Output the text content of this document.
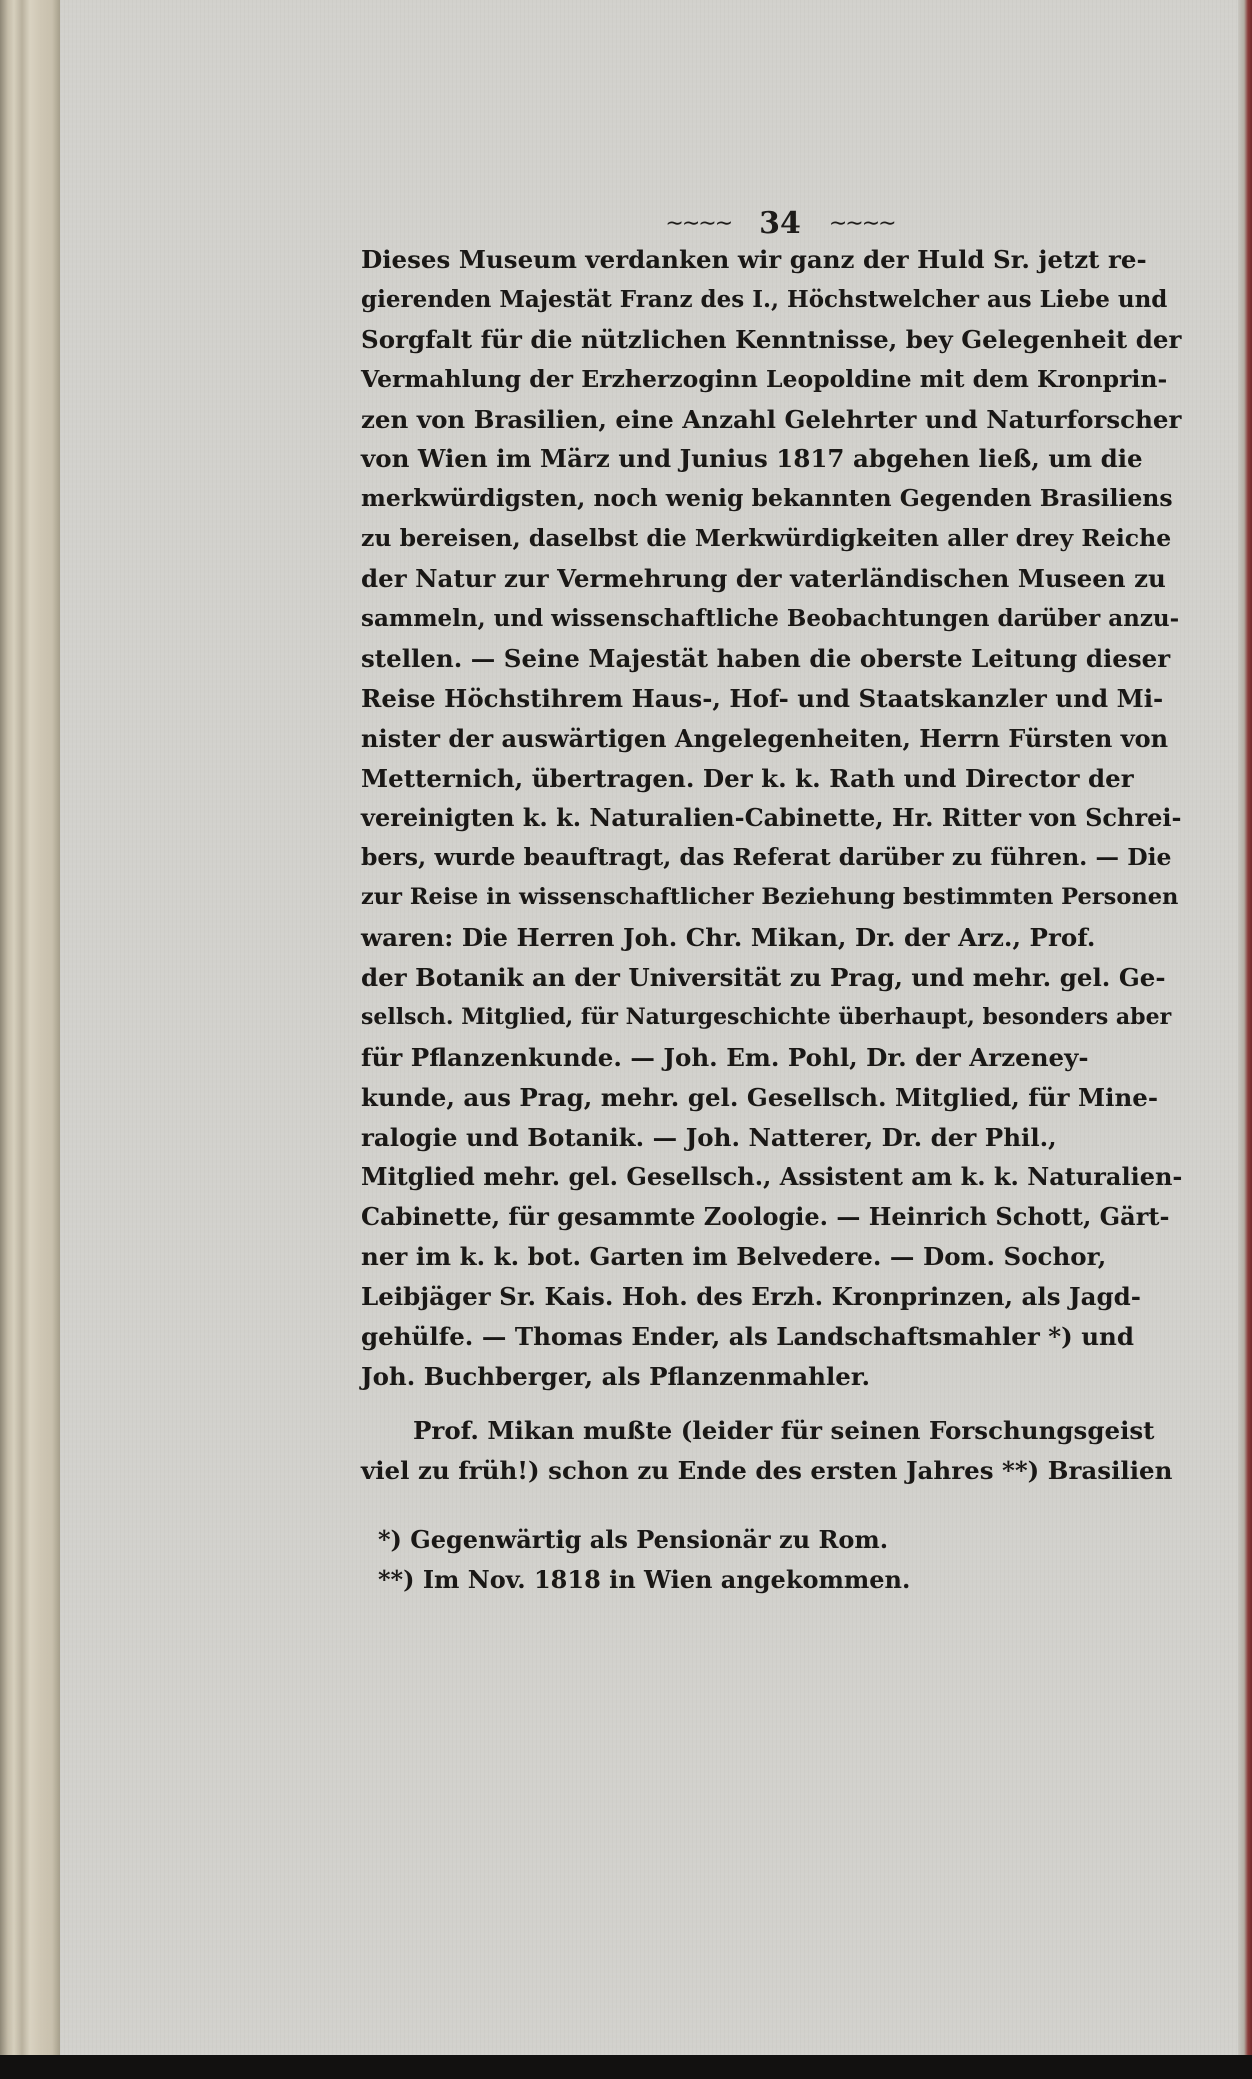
∼∼∼∼ 34 ∼∼∼∼
Dieses Museum verdanken wir ganz der Huld Sr. jetzt re-
gierenden Majestät Franz des I., Höchstwelcher aus Liebe und
Sorgfalt für die nützlichen Kenntnisse, bey Gelegenheit der
Vermahlung der Erzherzoginn Leopoldine mit dem Kronprin-
zen von Brasilien, eine Anzahl Gelehrter und Naturforscher
von Wien im März und Junius 1817 abgehen ließ, um die
merkwürdigsten, noch wenig bekannten Gegenden Brasiliens
zu bereisen, daselbst die Merkwürdigkeiten aller drey Reiche
der Natur zur Vermehrung der vaterländischen Museen zu
sammeln, und wissenschaftliche Beobachtungen darüber anzu-
stellen. — Seine Majestät haben die oberste Leitung dieser
Reise Höchstihrem Haus-, Hof- und Staatskanzler und Mi-
nister der auswärtigen Angelegenheiten, Herrn Fürsten von
Metternich, übertragen. Der k. k. Rath und Director der
vereinigten k. k. Naturalien-Cabinette, Hr. Ritter von Schrei-
bers, wurde beauftragt, das Referat darüber zu führen. — Die
zur Reise in wissenschaftlicher Beziehung bestimmten Personen
waren: Die Herren Joh. Chr. Mikan, Dr. der Arz., Prof.
der Botanik an der Universität zu Prag, und mehr. gel. Ge-
sellsch. Mitglied, für Naturgeschichte überhaupt, besonders aber
für Pflanzenkunde. — Joh. Em. Pohl, Dr. der Arzeney-
kunde, aus Prag, mehr. gel. Gesellsch. Mitglied, für Mine-
ralogie und Botanik. — Joh. Natterer, Dr. der Phil.,
Mitglied mehr. gel. Gesellsch., Assistent am k. k. Naturalien-
Cabinette, für gesammte Zoologie. — Heinrich Schott, Gärt-
ner im k. k. bot. Garten im Belvedere. — Dom. Sochor,
Leibjäger Sr. Kais. Hoh. des Erzh. Kronprinzen, als Jagd-
gehülfe. — Thomas Ender, als Landschaftsmahler *) und
Joh. Buchberger, als Pflanzenmahler.
Prof. Mikan mußte (leider für seinen Forschungsgeist
viel zu früh!) schon zu Ende des ersten Jahres **) Brasilien
*) Gegenwärtig als Pensionär zu Rom.
**) Im Nov. 1818 in Wien angekommen.
